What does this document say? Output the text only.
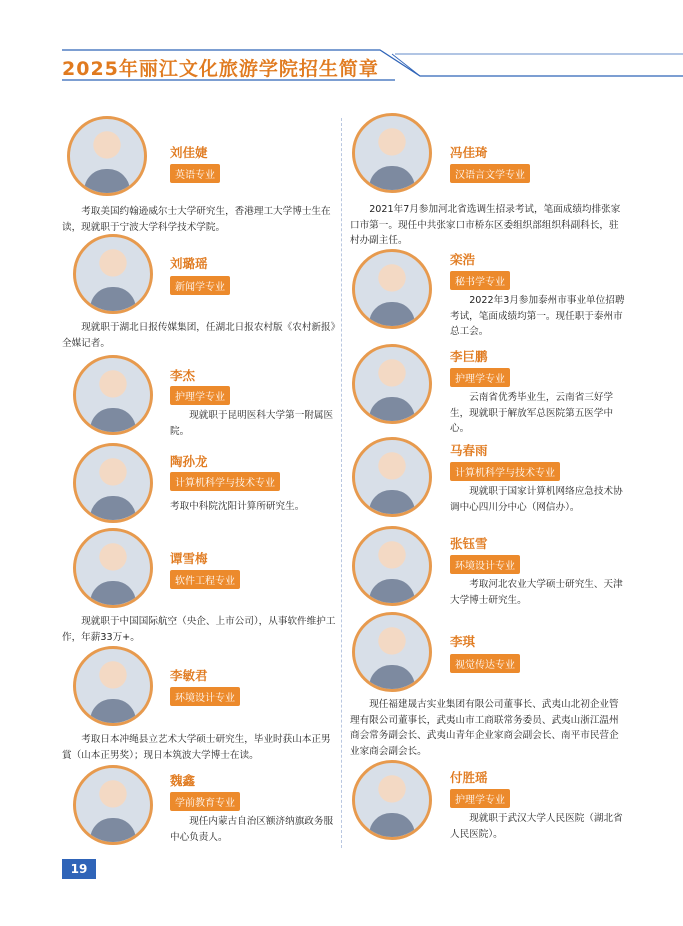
2025年丽江文化旅游学院招生简章
刘佳婕
英语专业
考取美国约翰逊威尔士大学研究生，香港理工大学博士生在读，现就职于宁波大学科学技术学院。
刘璐瑶
新闻学专业
现就职于湖北日报传媒集团，任湖北日报农村版《农村新报》全媒记者。
李杰
护理学专业
现就职于昆明医科大学第一附属医院。
陶孙龙
计算机科学与技术专业
考取中科院沈阳计算所研究生。
谭雪梅
软件工程专业
现就职于中国国际航空（央企、上市公司），从事软件维护工作，年薪33万+。
李敏君
环境设计专业
考取日本冲绳县立艺术大学硕士研究生，毕业时获山本正男賞（山本正男奖）；现日本筑波大学博士在读。
魏鑫
学前教育专业
现任内蒙古自治区额济纳旗政务服中心负责人。
冯佳琦
汉语言文学专业
2021年7月参加河北省选调生招录考试，笔面成绩均排张家口市第一。现任中共张家口市桥东区委组织部组织科副科长，驻村办副主任。
栾浩
秘书学专业
2022年3月参加泰州市事业单位招聘考试，笔面成绩均第一。现任职于泰州市总工会。
李巨鹏
护理学专业
云南省优秀毕业生，云南省三好学生，现就职于解放军总医院第五医学中心。
马春雨
计算机科学与技术专业
现就职于国家计算机网络应急技术协调中心四川分中心（网信办）。
张钰雪
环境设计专业
考取河北农业大学硕士研究生、天津大学博士研究生。
李琪
视觉传达专业
现任福建晟古实业集团有限公司董事长、武夷山北初企业管理有限公司董事长，武夷山市工商联常务委员、武夷山浙江温州商会常务副会长、武夷山青年企业家商会副会长、南平市民营企业家商会副会长。
付胜瑶
护理学专业
现就职于武汉大学人民医院（湖北省人民医院）。
19
